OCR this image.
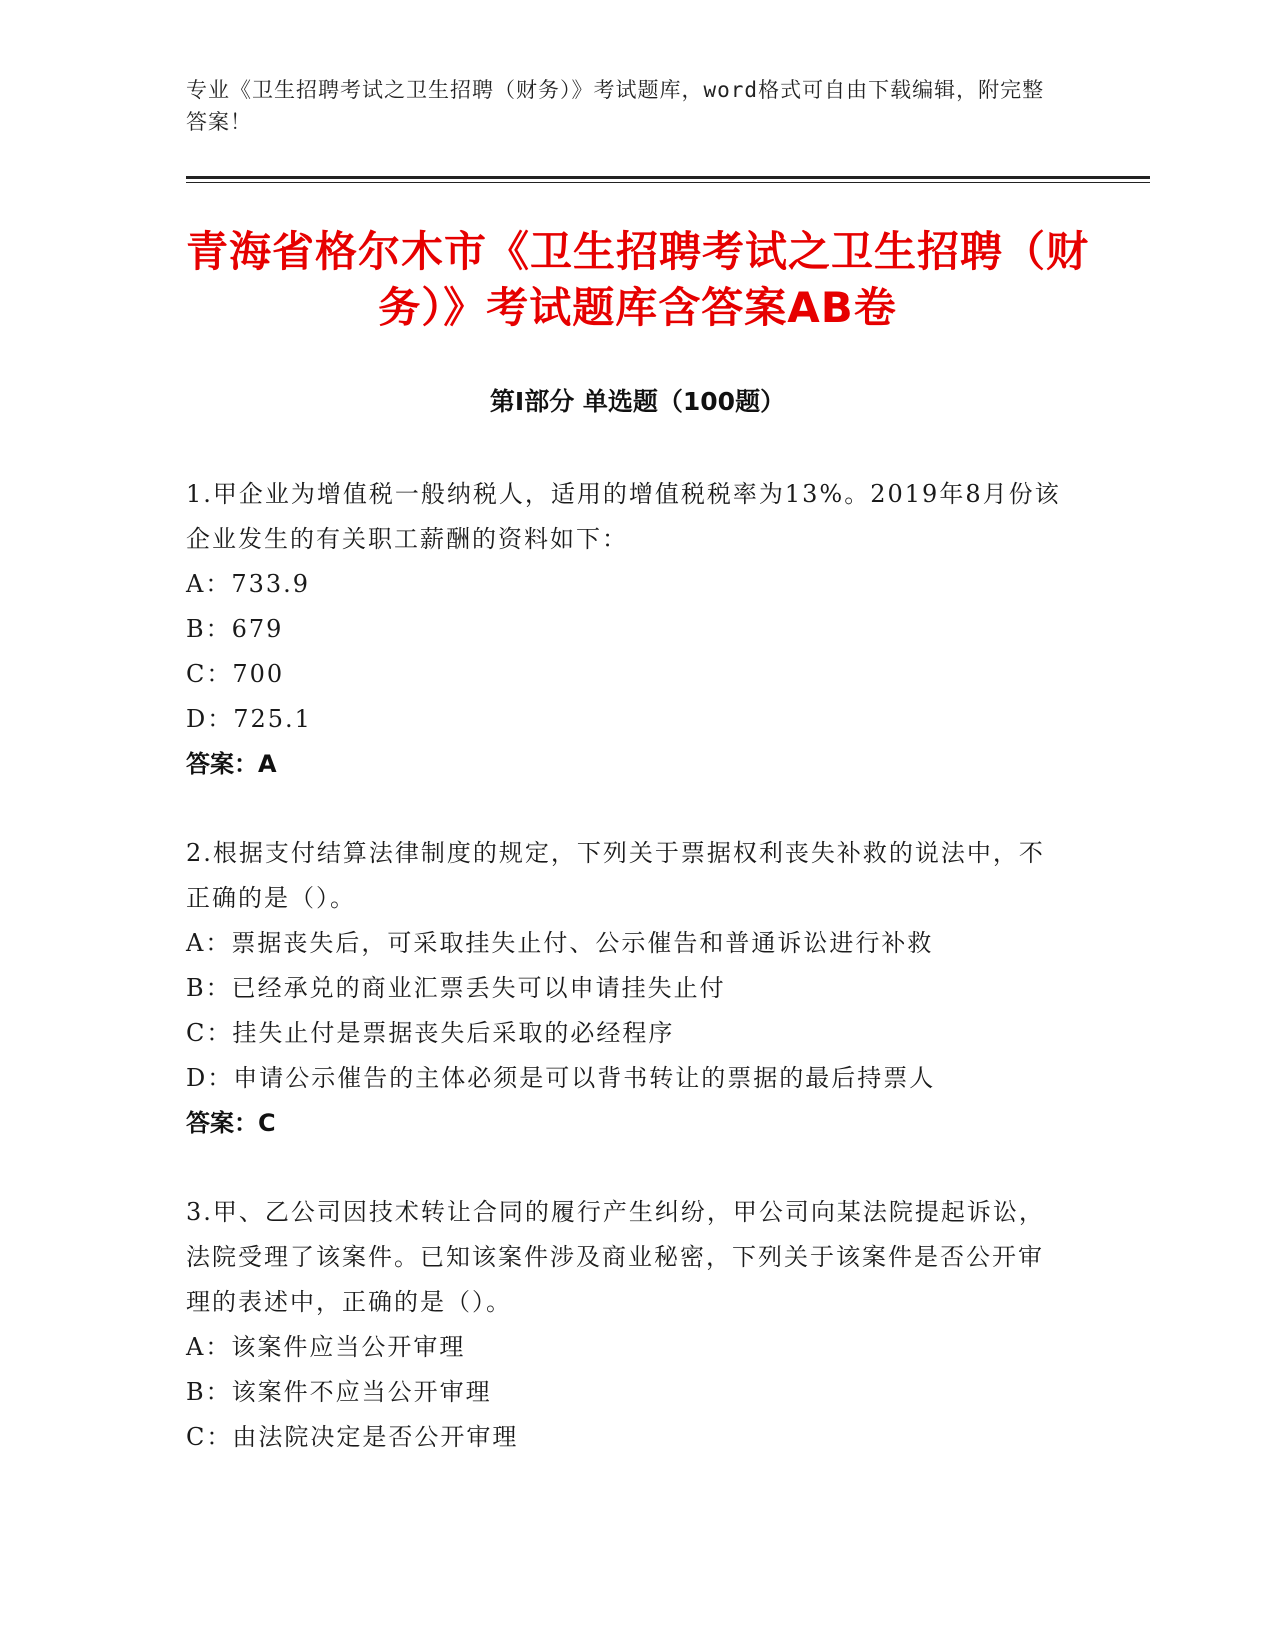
专业《卫生招聘考试之卫生招聘（财务）》考试题库，word格式可自由下载编辑，附完整答案！
青海省格尔木市《卫生招聘考试之卫生招聘（财务）》考试题库含答案AB卷
第Ⅰ部分 单选题（100题）
1.甲企业为增值税一般纳税人，适用的增值税税率为13%。2019年8月份该企业发生的有关职工薪酬的资料如下：
A：733.9
B：679
C：700
D：725.1
答案：A
2.根据支付结算法律制度的规定，下列关于票据权利丧失补救的说法中，不正确的是（）。
A：票据丧失后，可采取挂失止付、公示催告和普通诉讼进行补救
B：已经承兑的商业汇票丢失可以申请挂失止付
C：挂失止付是票据丧失后采取的必经程序
D：申请公示催告的主体必须是可以背书转让的票据的最后持票人
答案：C
3.甲、乙公司因技术转让合同的履行产生纠纷，甲公司向某法院提起诉讼，法院受理了该案件。已知该案件涉及商业秘密，下列关于该案件是否公开审理的表述中，正确的是（）。
A：该案件应当公开审理
B：该案件不应当公开审理
C：由法院决定是否公开审理
